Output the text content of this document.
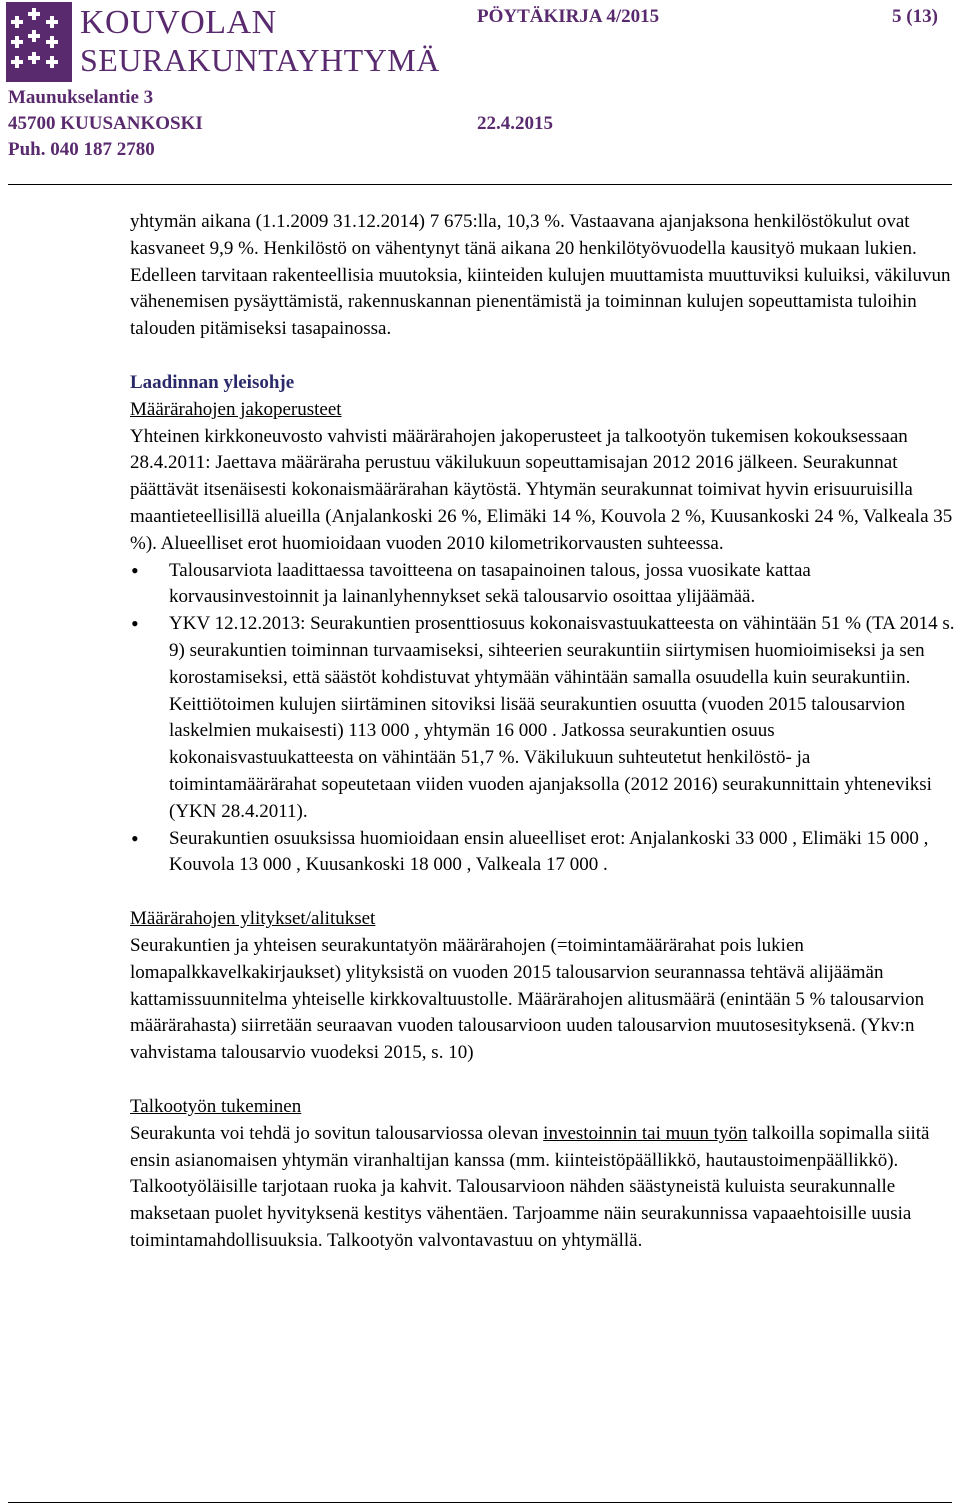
KOUVOLAN
SEURAKUNTAYHTYMÄ
PÖYTÄKIRJA 4/2015	5 (13)
Maunukselantie 3
45700 KUUSANKOSKI
Puh. 040 187 2780
22.4.2015

yhtymän aikana (1.1.2009 31.12.2014) 7 675:lla, 10,3 %. Vastaavana ajanjaksona henkilöstökulut ovat kasvaneet 9,9 %. Henkilöstö on vähentynyt tänä aikana 20 henkilötyövuodella kausityö mukaan lukien. Edelleen tarvitaan rakenteellisia muutoksia, kiinteiden kulujen muuttamista muuttuviksi kuluiksi, väkiluvun vähenemisen pysäyttämistä, rakennuskannan pienentämistä ja toiminnan kulujen sopeuttamista tuloihin talouden pitämiseksi tasapainossa.

Laadinnan yleisohje

Määrärahojen jakoperusteet

Yhteinen kirkkoneuvosto vahvisti määrärahojen jakoperusteet ja talkootyön tukemisen kokouksessaan 28.4.2011: Jaettava määräraha perustuu väkilukuun sopeuttamisajan 2012 2016 jälkeen. Seurakunnat päättävät itsenäisesti kokonaismäärärahan käytöstä. Yhtymän seurakunnat toimivat hyvin erisuuruisilla maantieteellisillä alueilla (Anjalankoski 26 %, Elimäki 14 %, Kouvola 2 %, Kuusankoski 24 %, Valkeala 35 %). Alueelliset erot huomioidaan vuoden 2010 kilometrikorvausten suhteessa.

• Talousarviota laadittaessa tavoitteena on tasapainoinen talous, jossa vuosikate kattaa korvausinvestoinnit ja lainanlyhennykset sekä talousarvio osoittaa ylijäämää.
• YKV 12.12.2013: Seurakuntien prosenttiosuus kokonaisvastuukatteesta on vähintään 51 % (TA 2014 s. 9) seurakuntien toiminnan turvaamiseksi, sihteerien seurakuntiin siirtymisen huomioimiseksi ja sen korostamiseksi, että säästöt kohdistuvat yhtymään vähintään samalla osuudella kuin seurakuntiin. Keittiötoimen kulujen siirtäminen sitoviksi lisää seurakuntien osuutta (vuoden 2015 talousarvion laskelmien mukaisesti) 113 000 , yhtymän 16 000 . Jatkossa seurakuntien osuus kokonaisvastuukatteesta on vähintään 51,7 %. Väkilukuun suhteutetut henkilöstö- ja toimintamäärärahat sopeutetaan viiden vuoden ajanjaksolla (2012 2016) seurakunnittain yhteneviksi (YKN 28.4.2011).
• Seurakuntien osuuksissa huomioidaan ensin alueelliset erot: Anjalankoski 33 000 , Elimäki 15 000 , Kouvola 13 000 , Kuusankoski 18 000 , Valkeala 17 000 .

Määrärahojen ylitykset/alitukset

Seurakuntien ja yhteisen seurakuntatyön määrärahojen (=toimintamäärärahat pois lukien lomapalkkavelkakirjaukset) ylityksistä on vuoden 2015 talousarvion seurannassa tehtävä alijäämän kattamissuunnitelma yhteiselle kirkkovaltuustolle. Määrärahojen alitusmäärä (enintään 5 % talousarvion määrärahasta) siirretään seuraavan vuoden talousarvioon uuden talousarvion muutosesityksenä. (Ykv:n vahvistama talousarvio vuodeksi 2015, s. 10)

Talkootyön tukeminen

Seurakunta voi tehdä jo sovitun talousarviossa olevan investoinnin tai muun työn talkoilla sopimalla siitä ensin asianomaisen yhtymän viranhaltijan kanssa (mm. kiinteistöpäällikkö, hautaustoimenpäällikkö). Talkootyöläisille tarjotaan ruoka ja kahvit. Talousarvioon nähden säästyneistä kuluista seurakunnalle maksetaan puolet hyvityksenä kestitys vähentäen. Tarjoamme näin seurakunnissa vapaaehtoisille uusia toimintamahdollisuuksia. Talkootyön valvontavastuu on yhtymällä.
